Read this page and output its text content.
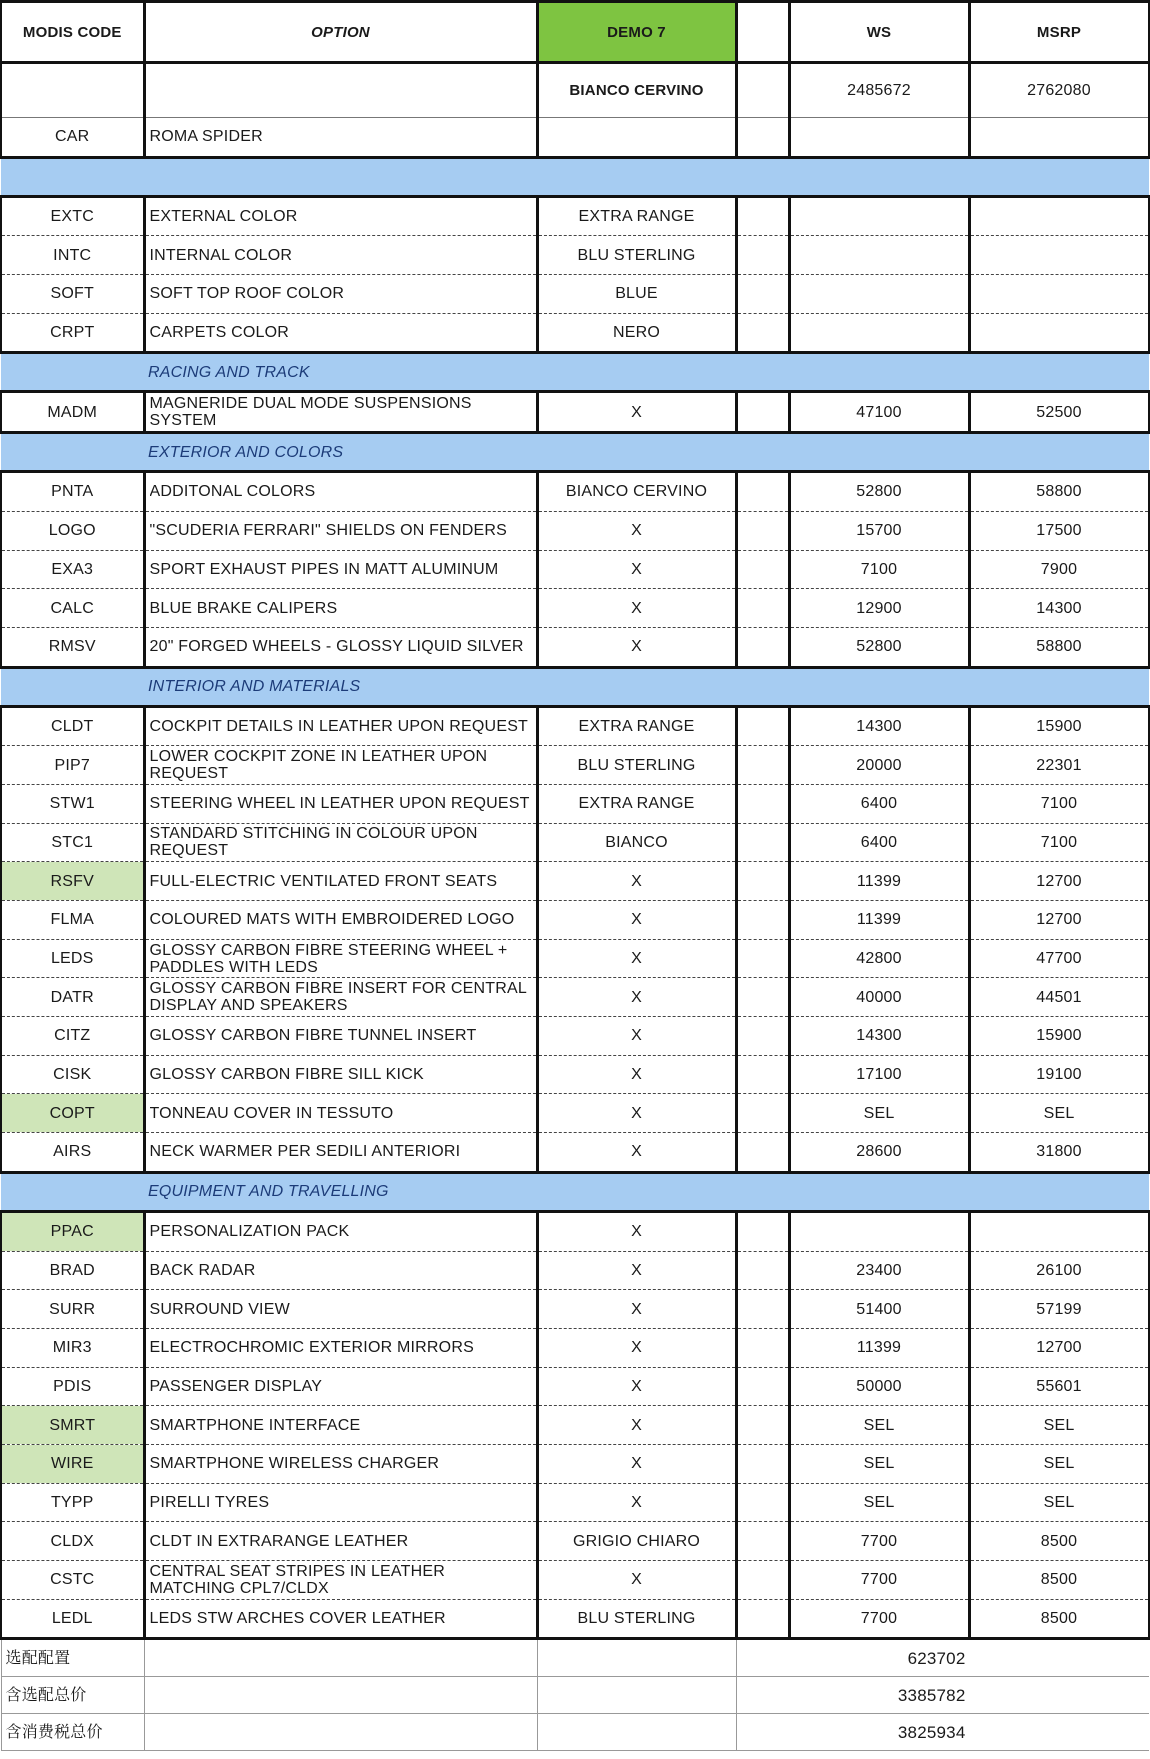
MODIS CODE	OPTION	DEMO 7		WS	MSRP
		BIANCO CERVINO		2485672	2762080
CAR	ROMA SPIDER				

EXTC	EXTERNAL COLOR	EXTRA RANGE			
INTC	INTERNAL COLOR	BLU STERLING			
SOFT	SOFT TOP ROOF COLOR	BLUE			
CRPT	CARPETS COLOR	NERO			
	RACING AND TRACK				
MADM	MAGNERIDE DUAL MODE SUSPENSIONS SYSTEM	X		47100	52500
	EXTERIOR AND COLORS				
PNTA	ADDITONAL COLORS	BIANCO CERVINO		52800	58800
LOGO	"SCUDERIA FERRARI" SHIELDS ON FENDERS	X		15700	17500
EXA3	SPORT EXHAUST PIPES IN MATT ALUMINUM	X		7100	7900
CALC	BLUE BRAKE CALIPERS	X		12900	14300
RMSV	20" FORGED WHEELS - GLOSSY LIQUID SILVER	X		52800	58800
	INTERIOR AND MATERIALS				
CLDT	COCKPIT DETAILS IN LEATHER UPON REQUEST	EXTRA RANGE		14300	15900
PIP7	LOWER COCKPIT ZONE IN LEATHER UPON REQUEST	BLU STERLING		20000	22301
STW1	STEERING WHEEL IN LEATHER UPON REQUEST	EXTRA RANGE		6400	7100
STC1	STANDARD STITCHING IN COLOUR UPON REQUEST	BIANCO		6400	7100
RSFV	FULL-ELECTRIC VENTILATED FRONT SEATS	X		11399	12700
FLMA	COLOURED MATS WITH EMBROIDERED LOGO	X		11399	12700
LEDS	GLOSSY CARBON FIBRE STEERING WHEEL + PADDLES WITH LEDS	X		42800	47700
DATR	GLOSSY CARBON FIBRE INSERT FOR CENTRAL DISPLAY AND SPEAKERS	X		40000	44501
CITZ	GLOSSY CARBON FIBRE TUNNEL INSERT	X		14300	15900
CISK	GLOSSY CARBON FIBRE SILL KICK	X		17100	19100
COPT	TONNEAU COVER IN TESSUTO	X		SEL	SEL
AIRS	NECK WARMER PER SEDILI ANTERIORI	X		28600	31800
	EQUIPMENT AND TRAVELLING				
PPAC	PERSONALIZATION PACK	X			
BRAD	BACK RADAR	X		23400	26100
SURR	SURROUND VIEW	X		51400	57199
MIR3	ELECTROCHROMIC EXTERIOR MIRRORS	X		11399	12700
PDIS	PASSENGER DISPLAY	X		50000	55601
SMRT	SMARTPHONE INTERFACE	X		SEL	SEL
WIRE	SMARTPHONE WIRELESS CHARGER	X		SEL	SEL
TYPP	PIRELLI TYRES	X		SEL	SEL
CLDX	CLDT IN EXTRARANGE LEATHER	GRIGIO CHIARO		7700	8500
CSTC	CENTRAL SEAT STRIPES IN LEATHER MATCHING CPL7/CLDX	X		7700	8500
LEDL	LEDS STW ARCHES COVER LEATHER	BLU STERLING		7700	8500
选配配置			623702		
含选配总价			3385782		
含消费税总价			3825934		
